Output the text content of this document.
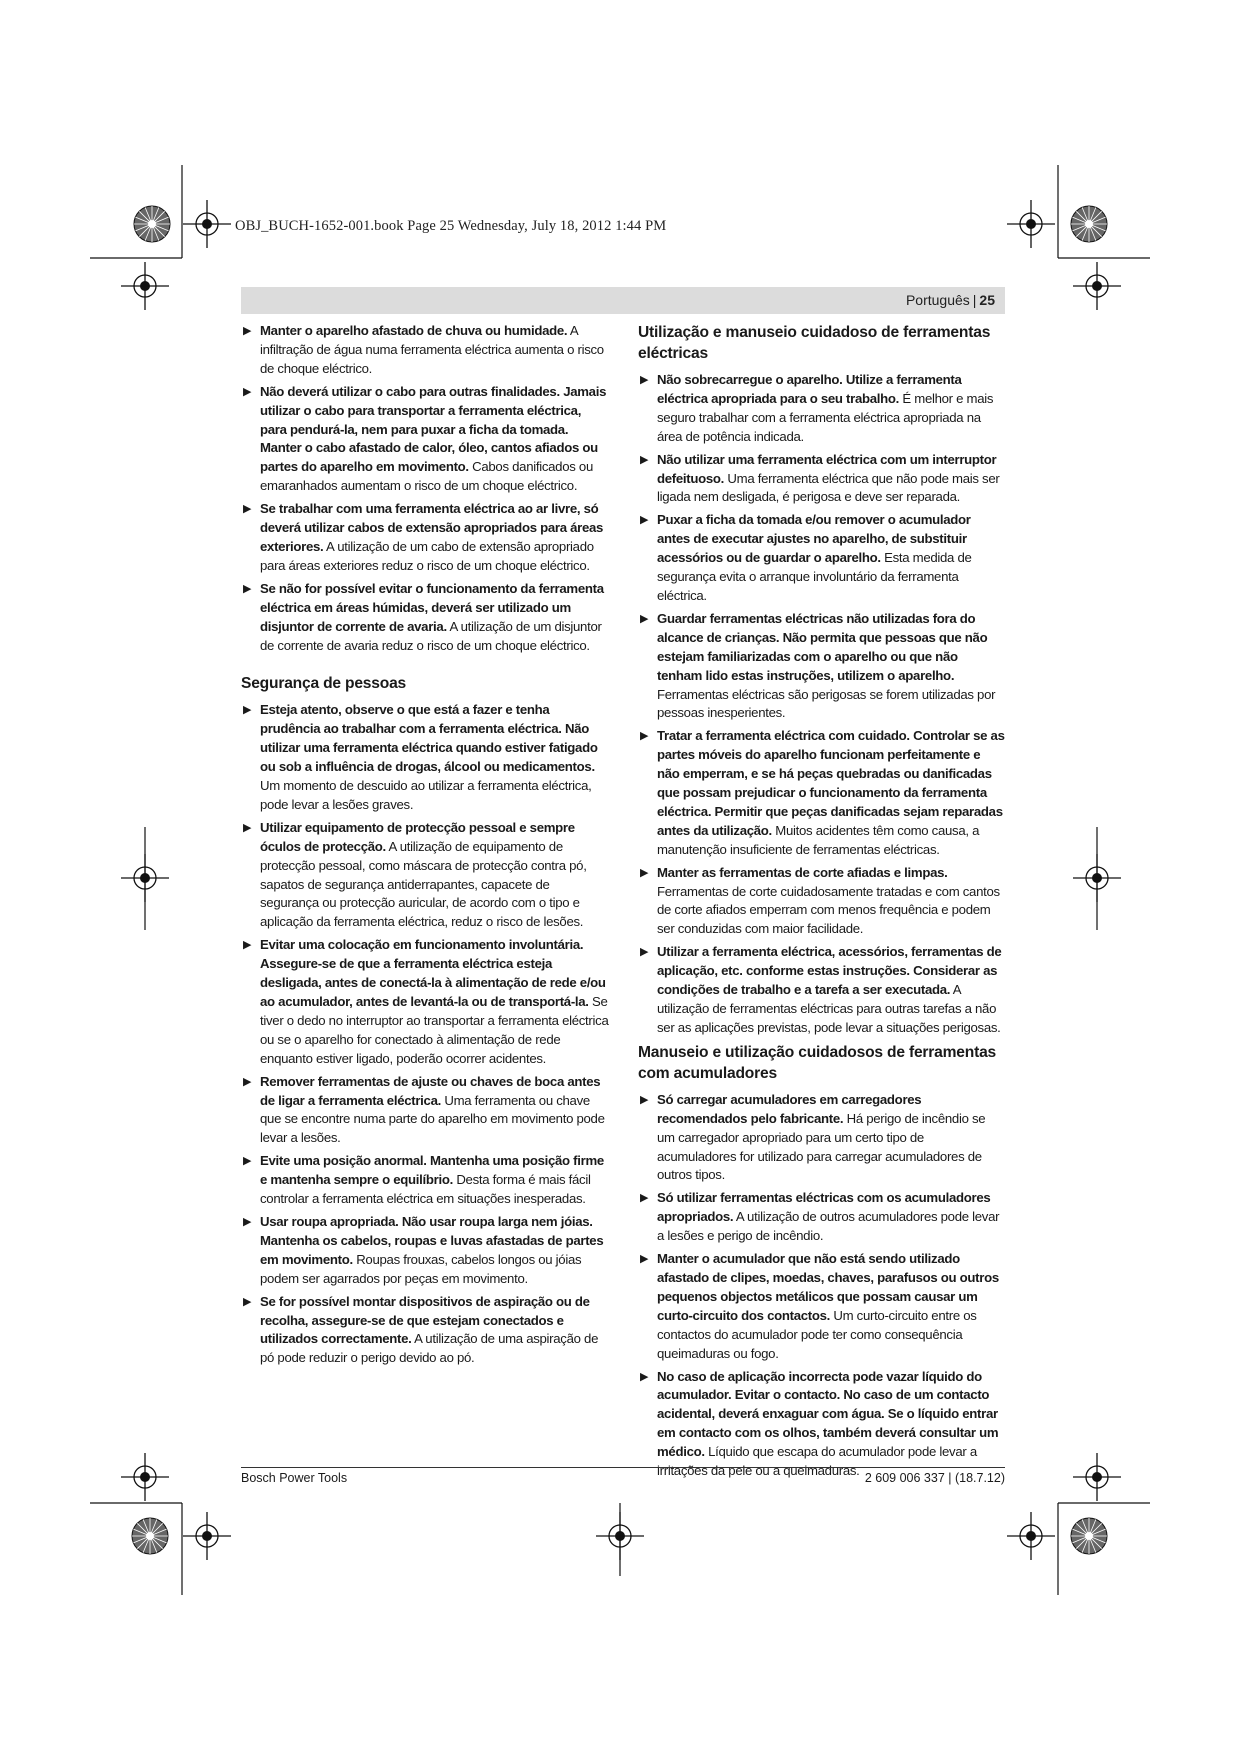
OBJ_BUCH-1652-001.book Page 25 Wednesday, July 18, 2012 1:44 PM
Português | 25
▶ Manter o aparelho afastado de chuva ou humidade. A infiltração de água numa ferramenta eléctrica aumenta o risco de choque eléctrico.
▶ Não deverá utilizar o cabo para outras finalidades. Jamais utilizar o cabo para transportar a ferramenta eléctrica, para pendurá-la, nem para puxar a ficha da tomada. Manter o cabo afastado de calor, óleo, cantos afiados ou partes do aparelho em movimento. Cabos danificados ou emaranhados aumentam o risco de um choque eléctrico.
▶ Se trabalhar com uma ferramenta eléctrica ao ar livre, só deverá utilizar cabos de extensão apropriados para áreas exteriores. A utilização de um cabo de extensão apropriado para áreas exteriores reduz o risco de um choque eléctrico.
▶ Se não for possível evitar o funcionamento da ferramenta eléctrica em áreas húmidas, deverá ser utilizado um disjuntor de corrente de avaria. A utilização de um disjuntor de corrente de avaria reduz o risco de um choque eléctrico.
Segurança de pessoas
▶ Esteja atento, observe o que está a fazer e tenha prudência ao trabalhar com a ferramenta eléctrica. Não utilizar uma ferramenta eléctrica quando estiver fatigado ou sob a influência de drogas, álcool ou medicamentos. Um momento de descuido ao utilizar a ferramenta eléctrica, pode levar a lesões graves.
▶ Utilizar equipamento de protecção pessoal e sempre óculos de protecção. A utilização de equipamento de protecção pessoal, como máscara de protecção contra pó, sapatos de segurança antiderrapantes, capacete de segurança ou protecção auricular, de acordo com o tipo e aplicação da ferramenta eléctrica, reduz o risco de lesões.
▶ Evitar uma colocação em funcionamento involuntária. Assegure-se de que a ferramenta eléctrica esteja desligada, antes de conectá-la à alimentação de rede e/ou ao acumulador, antes de levantá-la ou de transportá-la. Se tiver o dedo no interruptor ao transportar a ferramenta eléctrica ou se o aparelho for conectado à alimentação de rede enquanto estiver ligado, poderão ocorrer acidentes.
▶ Remover ferramentas de ajuste ou chaves de boca antes de ligar a ferramenta eléctrica. Uma ferramenta ou chave que se encontre numa parte do aparelho em movimento pode levar a lesões.
▶ Evite uma posição anormal. Mantenha uma posição firme e mantenha sempre o equilíbrio. Desta forma é mais fácil controlar a ferramenta eléctrica em situações inesperadas.
▶ Usar roupa apropriada. Não usar roupa larga nem jóias. Mantenha os cabelos, roupas e luvas afastadas de partes em movimento. Roupas frouxas, cabelos longos ou jóias podem ser agarrados por peças em movimento.
▶ Se for possível montar dispositivos de aspiração ou de recolha, assegure-se de que estejam conectados e utilizados correctamente. A utilização de uma aspiração de pó pode reduzir o perigo devido ao pó.
Utilização e manuseio cuidadoso de ferramentas eléctricas
▶ Não sobrecarregue o aparelho. Utilize a ferramenta eléctrica apropriada para o seu trabalho. É melhor e mais seguro trabalhar com a ferramenta eléctrica apropriada na área de potência indicada.
▶ Não utilizar uma ferramenta eléctrica com um interruptor defeituoso. Uma ferramenta eléctrica que não pode mais ser ligada nem desligada, é perigosa e deve ser reparada.
▶ Puxar a ficha da tomada e/ou remover o acumulador antes de executar ajustes no aparelho, de substituir acessórios ou de guardar o aparelho. Esta medida de segurança evita o arranque involuntário da ferramenta eléctrica.
▶ Guardar ferramentas eléctricas não utilizadas fora do alcance de crianças. Não permita que pessoas que não estejam familiarizadas com o aparelho ou que não tenham lido estas instruções, utilizem o aparelho. Ferramentas eléctricas são perigosas se forem utilizadas por pessoas inesperientes.
▶ Tratar a ferramenta eléctrica com cuidado. Controlar se as partes móveis do aparelho funcionam perfeitamente e não emperram, e se há peças quebradas ou danificadas que possam prejudicar o funcionamento da ferramenta eléctrica. Permitir que peças danificadas sejam reparadas antes da utilização. Muitos acidentes têm como causa, a manutenção insuficiente de ferramentas eléctricas.
▶ Manter as ferramentas de corte afiadas e limpas. Ferramentas de corte cuidadosamente tratadas e com cantos de corte afiados emperram com menos frequência e podem ser conduzidas com maior facilidade.
▶ Utilizar a ferramenta eléctrica, acessórios, ferramentas de aplicação, etc. conforme estas instruções. Considerar as condições de trabalho e a tarefa a ser executada. A utilização de ferramentas eléctricas para outras tarefas a não ser as aplicações previstas, pode levar a situações perigosas.
Manuseio e utilização cuidadosos de ferramentas com acumuladores
▶ Só carregar acumuladores em carregadores recomendados pelo fabricante. Há perigo de incêndio se um carregador apropriado para um certo tipo de acumuladores for utilizado para carregar acumuladores de outros tipos.
▶ Só utilizar ferramentas eléctricas com os acumuladores apropriados. A utilização de outros acumuladores pode levar a lesões e perigo de incêndio.
▶ Manter o acumulador que não está sendo utilizado afastado de clipes, moedas, chaves, parafusos ou outros pequenos objectos metálicos que possam causar um curto-circuito dos contactos. Um curto-circuito entre os contactos do acumulador pode ter como consequência queimaduras ou fogo.
▶ No caso de aplicação incorrecta pode vazar líquido do acumulador. Evitar o contacto. No caso de um contacto acidental, deverá enxaguar com água. Se o líquido entrar em contacto com os olhos, também deverá consultar um médico. Líquido que escapa do acumulador pode levar a irritações da pele ou a queimaduras.
Bosch Power Tools	2 609 006 337 | (18.7.12)
